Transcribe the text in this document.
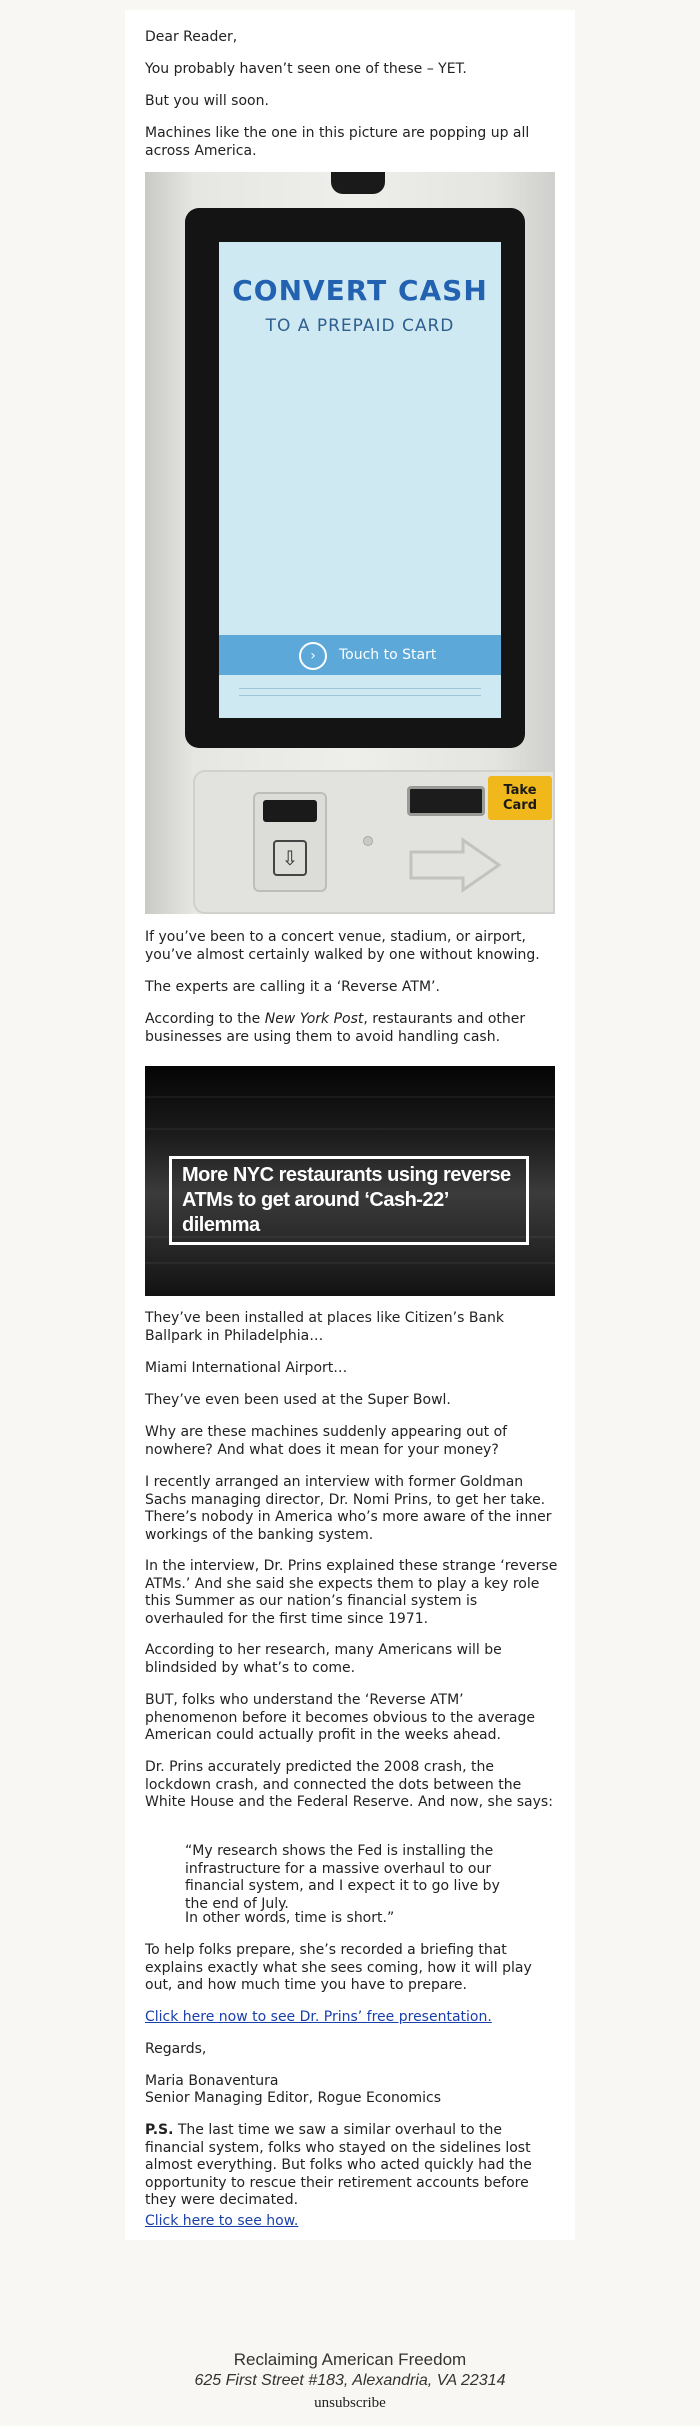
Dear Reader,

You probably haven’t seen one of these – YET.

But you will soon.

Machines like the one in this picture are popping up all across America.

CONVERT CASH
TO A PREPAID CARD
›	Touch to Start
⇩
Take Card

If you’ve been to a concert venue, stadium, or airport, you’ve almost certainly walked by one without knowing.

The experts are calling it a ‘Reverse ATM’.

According to the New York Post, restaurants and other businesses are using them to avoid handling cash.

More NYC restaurants using reverse ATMs to get around ‘Cash-22’ dilemma

They’ve been installed at places like Citizen’s Bank Ballpark in Philadelphia…

Miami International Airport…

They’ve even been used at the Super Bowl.

Why are these machines suddenly appearing out of nowhere? And what does it mean for your money?

I recently arranged an interview with former Goldman Sachs managing director, Dr. Nomi Prins, to get her take. There’s nobody in America who’s more aware of the inner workings of the banking system.

In the interview, Dr. Prins explained these strange ‘reverse ATMs.’ And she said she expects them to play a key role this Summer as our nation’s financial system is overhauled for the first time since 1971.

According to her research, many Americans will be blindsided by what’s to come.

BUT, folks who understand the ‘Reverse ATM’ phenomenon before it becomes obvious to the average American could actually profit in the weeks ahead.

Dr. Prins accurately predicted the 2008 crash, the lockdown crash, and connected the dots between the White House and the Federal Reserve. And now, she says:

“My research shows the Fed is installing the infrastructure for a massive overhaul to our financial system, and I expect it to go live by the end of July.

In other words, time is short.”

To help folks prepare, she’s recorded a briefing that explains exactly what she sees coming, how it will play out, and how much time you have to prepare.

Click here now to see Dr. Prins’ free presentation.

Regards,

Maria Bonaventura

Senior Managing Editor, Rogue Economics

P.S. The last time we saw a similar overhaul to the financial system, folks who stayed on the sidelines lost almost everything. But folks who acted quickly had the opportunity to rescue their retirement accounts before they were decimated.

Click here to see how.

Reclaiming American Freedom
625 First Street #183, Alexandria, VA 22314
unsubscribe
